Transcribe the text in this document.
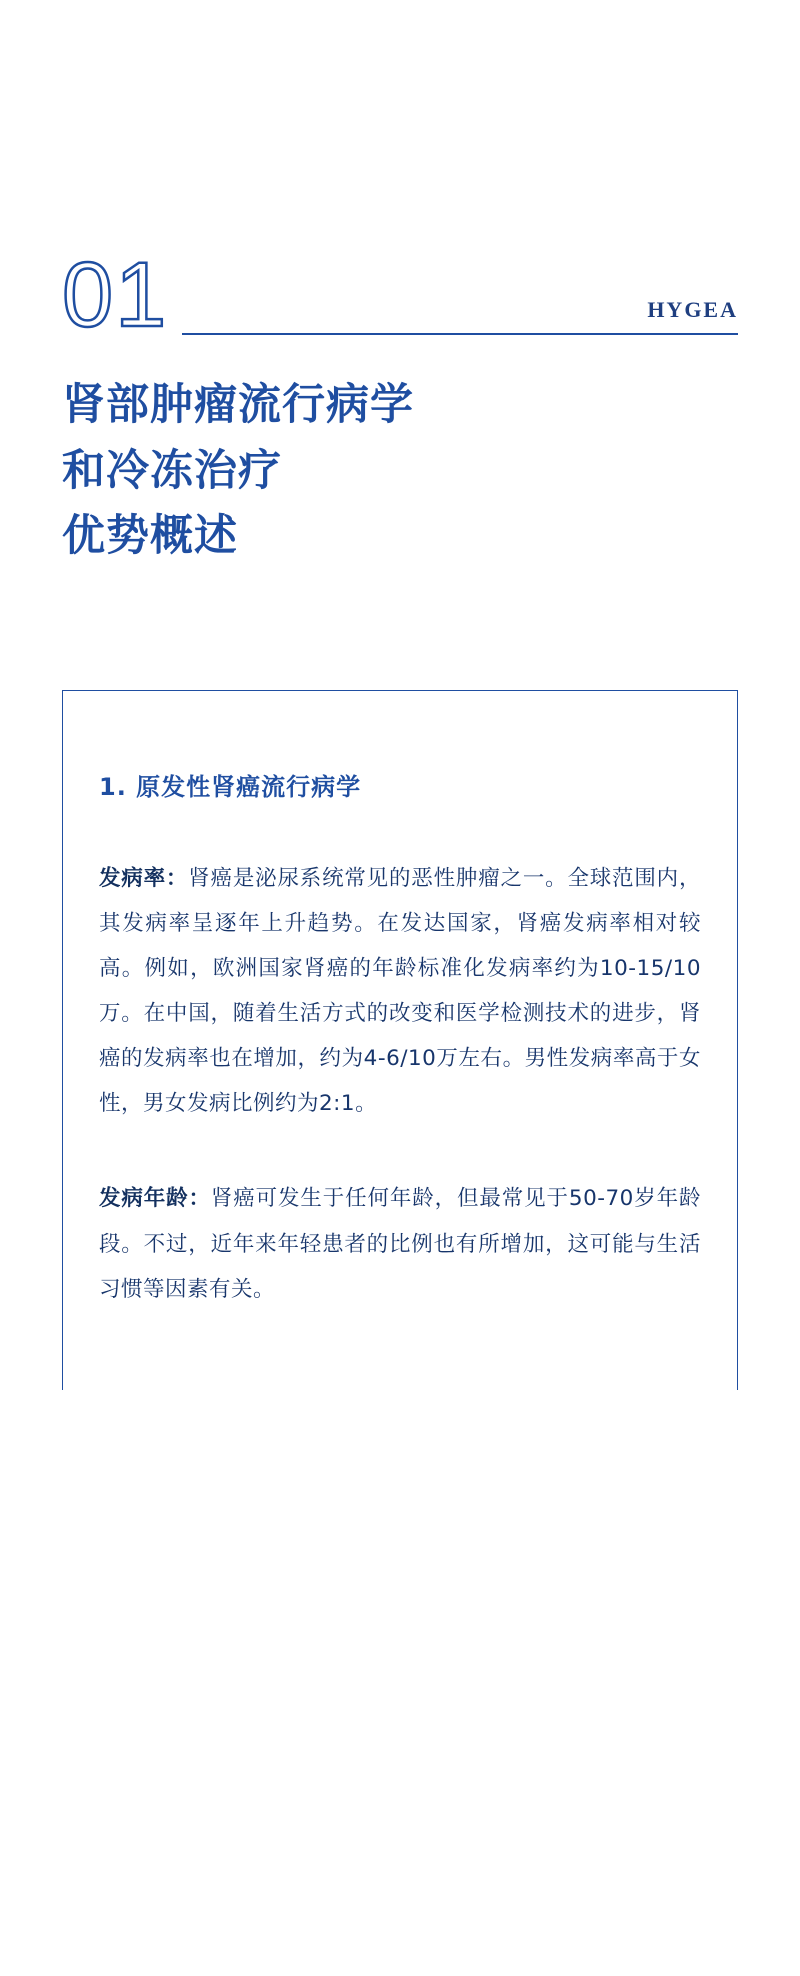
01	HYGEA
肾部肿瘤流行病学
和冷冻治疗
优势概述
1. 原发性肾癌流行病学

发病率：肾癌是泌尿系统常见的恶性肿瘤之一。全球范围内，其发病率呈逐年上升趋势。在发达国家，肾癌发病率相对较高。例如，欧洲国家肾癌的年龄标准化发病率约为10-15/10万。在中国，随着生活方式的改变和医学检测技术的进步，肾癌的发病率也在增加，约为4-6/10万左右。男性发病率高于女性，男女发病比例约为2:1。

发病年龄：肾癌可发生于任何年龄，但最常见于50-70岁年龄段。不过，近年来年轻患者的比例也有所增加，这可能与生活习惯等因素有关。
